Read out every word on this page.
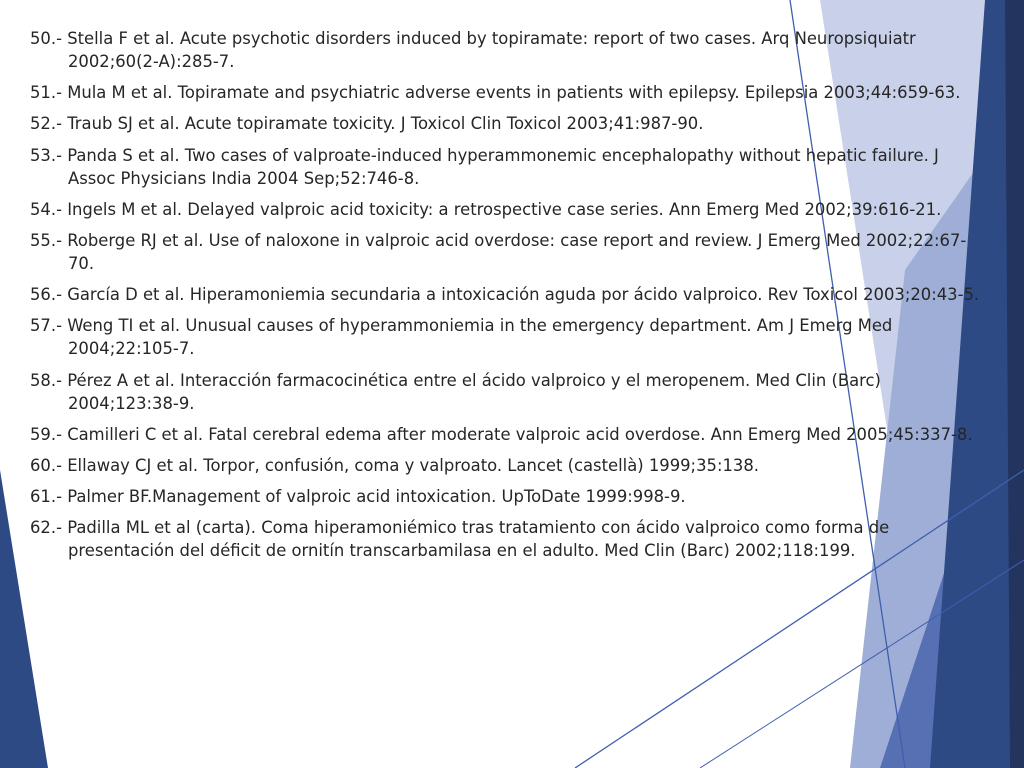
50.- Stella F et al. Acute psychotic disorders induced by topiramate: report of two cases. Arq Neuropsiquiatr 2002;60(2-A):285-7.
51.- Mula M et al. Topiramate and psychiatric adverse events in patients with epilepsy. Epilepsia 2003;44:659-63.
52.- Traub SJ et al. Acute topiramate toxicity. J Toxicol Clin Toxicol 2003;41:987-90.
53.- Panda S et al. Two cases of valproate-induced hyperammonemic encephalopathy without hepatic failure. J Assoc Physicians India 2004 Sep;52:746-8.
54.- Ingels M et al. Delayed valproic acid toxicity: a retrospective case series. Ann Emerg Med 2002;39:616-21.
55.- Roberge RJ et al. Use of naloxone in valproic acid overdose: case report and review. J Emerg Med 2002;22:67-70.
56.- García D et al. Hiperamoniemia secundaria a intoxicación aguda por ácido valproico. Rev Toxicol 2003;20:43-5.
57.- Weng TI et al. Unusual causes of hyperammoniemia in the emergency department. Am J Emerg Med 2004;22:105-7.
58.- Pérez A et al. Interacción farmacocinética entre el ácido valproico y el meropenem. Med Clin (Barc) 2004;123:38-9.
59.- Camilleri C et al. Fatal cerebral edema after moderate valproic acid overdose. Ann Emerg Med 2005;45:337-8.
60.- Ellaway CJ et al. Torpor, confusión, coma y valproato. Lancet (castellà) 1999;35:138.
61.- Palmer BF.Management of valproic acid intoxication. UpToDate 1999:998-9.
62.- Padilla ML et al (carta). Coma hiperamoniémico tras tratamiento con ácido valproico como forma de presentación del déficit de ornitín transcarbamilasa en el adulto. Med Clin (Barc) 2002;118:199.
